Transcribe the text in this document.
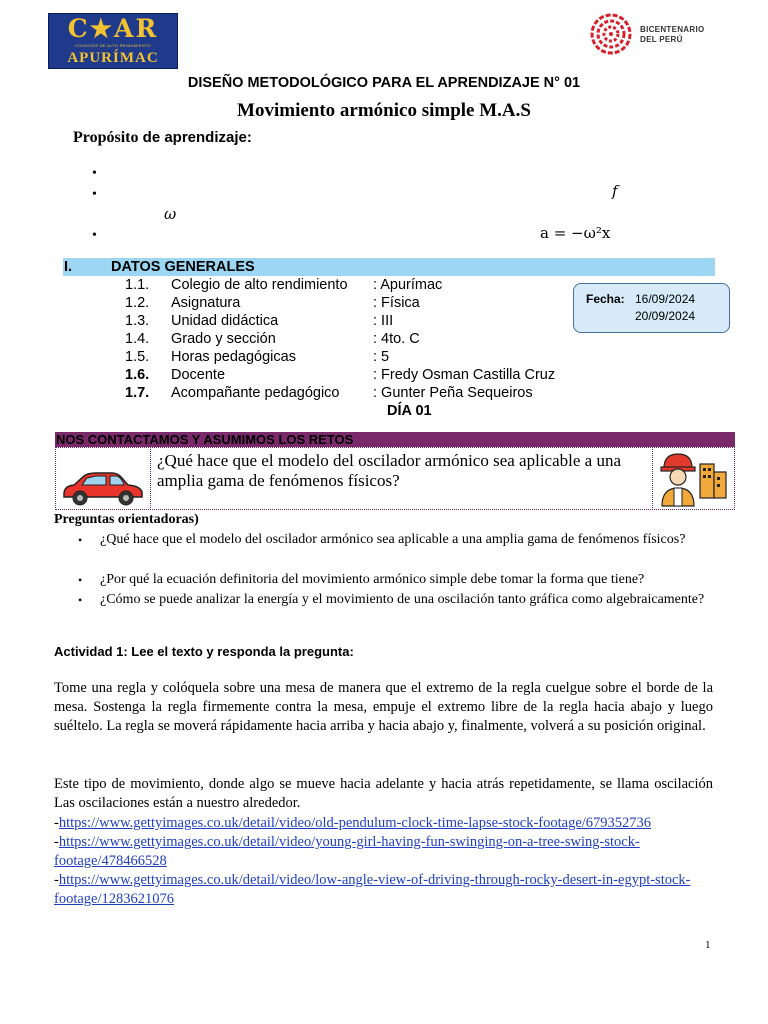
C★AR
COLEGIOS DE ALTO RENDIMIENTO
APURÍMAC
BICENTENARIO
DEL PERÚ
DISEÑO METODOLÓGICO PARA EL APRENDIZAJE N° 01
Movimiento armónico simple M.A.S
Propósito de aprendizaje:
•
•
•
f
ω
a = −ω²x
I.	DATOS GENERALES
1.1. Colegio de alto rendimiento : Apurímac
1.2. Asignatura	: Física
1.3. Unidad didáctica	: III
1.4. Grado y sección	: 4to. C
1.5. Horas pedagógicas	: 5
1.6. Docente	: Fredy Osman Castilla Cruz
1.7. Acompañante pedagógico : Gunter Peña Sequeiros
Fecha: 16/09/2024
20/09/2024
DÍA 01
NOS CONTACTAMOS Y ASUMIMOS LOS RETOS
¿Qué hace que el modelo del oscilador armónico sea aplicable a una amplia gama de fenómenos físicos?
Preguntas orientadoras)
• ¿Qué hace que el modelo del oscilador armónico sea aplicable a una amplia gama de fenómenos físicos?
• ¿Por qué la ecuación definitoria del movimiento armónico simple debe tomar la forma que tiene?
• ¿Cómo se puede analizar la energía y el movimiento de una oscilación tanto gráfica como algebraicamente?
Actividad 1: Lee el texto y responda la pregunta:
Tome una regla y colóquela sobre una mesa de manera que el extremo de la regla cuelgue sobre el borde de la mesa. Sostenga la regla firmemente contra la mesa, empuje el extremo libre de la regla hacia abajo y luego suéltelo. La regla se moverá rápidamente hacia arriba y hacia abajo y, finalmente, volverá a su posición original.
Este tipo de movimiento, donde algo se mueve hacia adelante y hacia atrás repetidamente, se llama oscilación Las oscilaciones están a nuestro alrededor.
-https://www.gettyimages.co.uk/detail/video/old-pendulum-clock-time-lapse-stock-footage/679352736
-https://www.gettyimages.co.uk/detail/video/young-girl-having-fun-swinging-on-a-tree-swing-stock-footage/478466528
-https://www.gettyimages.co.uk/detail/video/low-angle-view-of-driving-through-rocky-desert-in-egypt-stock-footage/1283621076
1
